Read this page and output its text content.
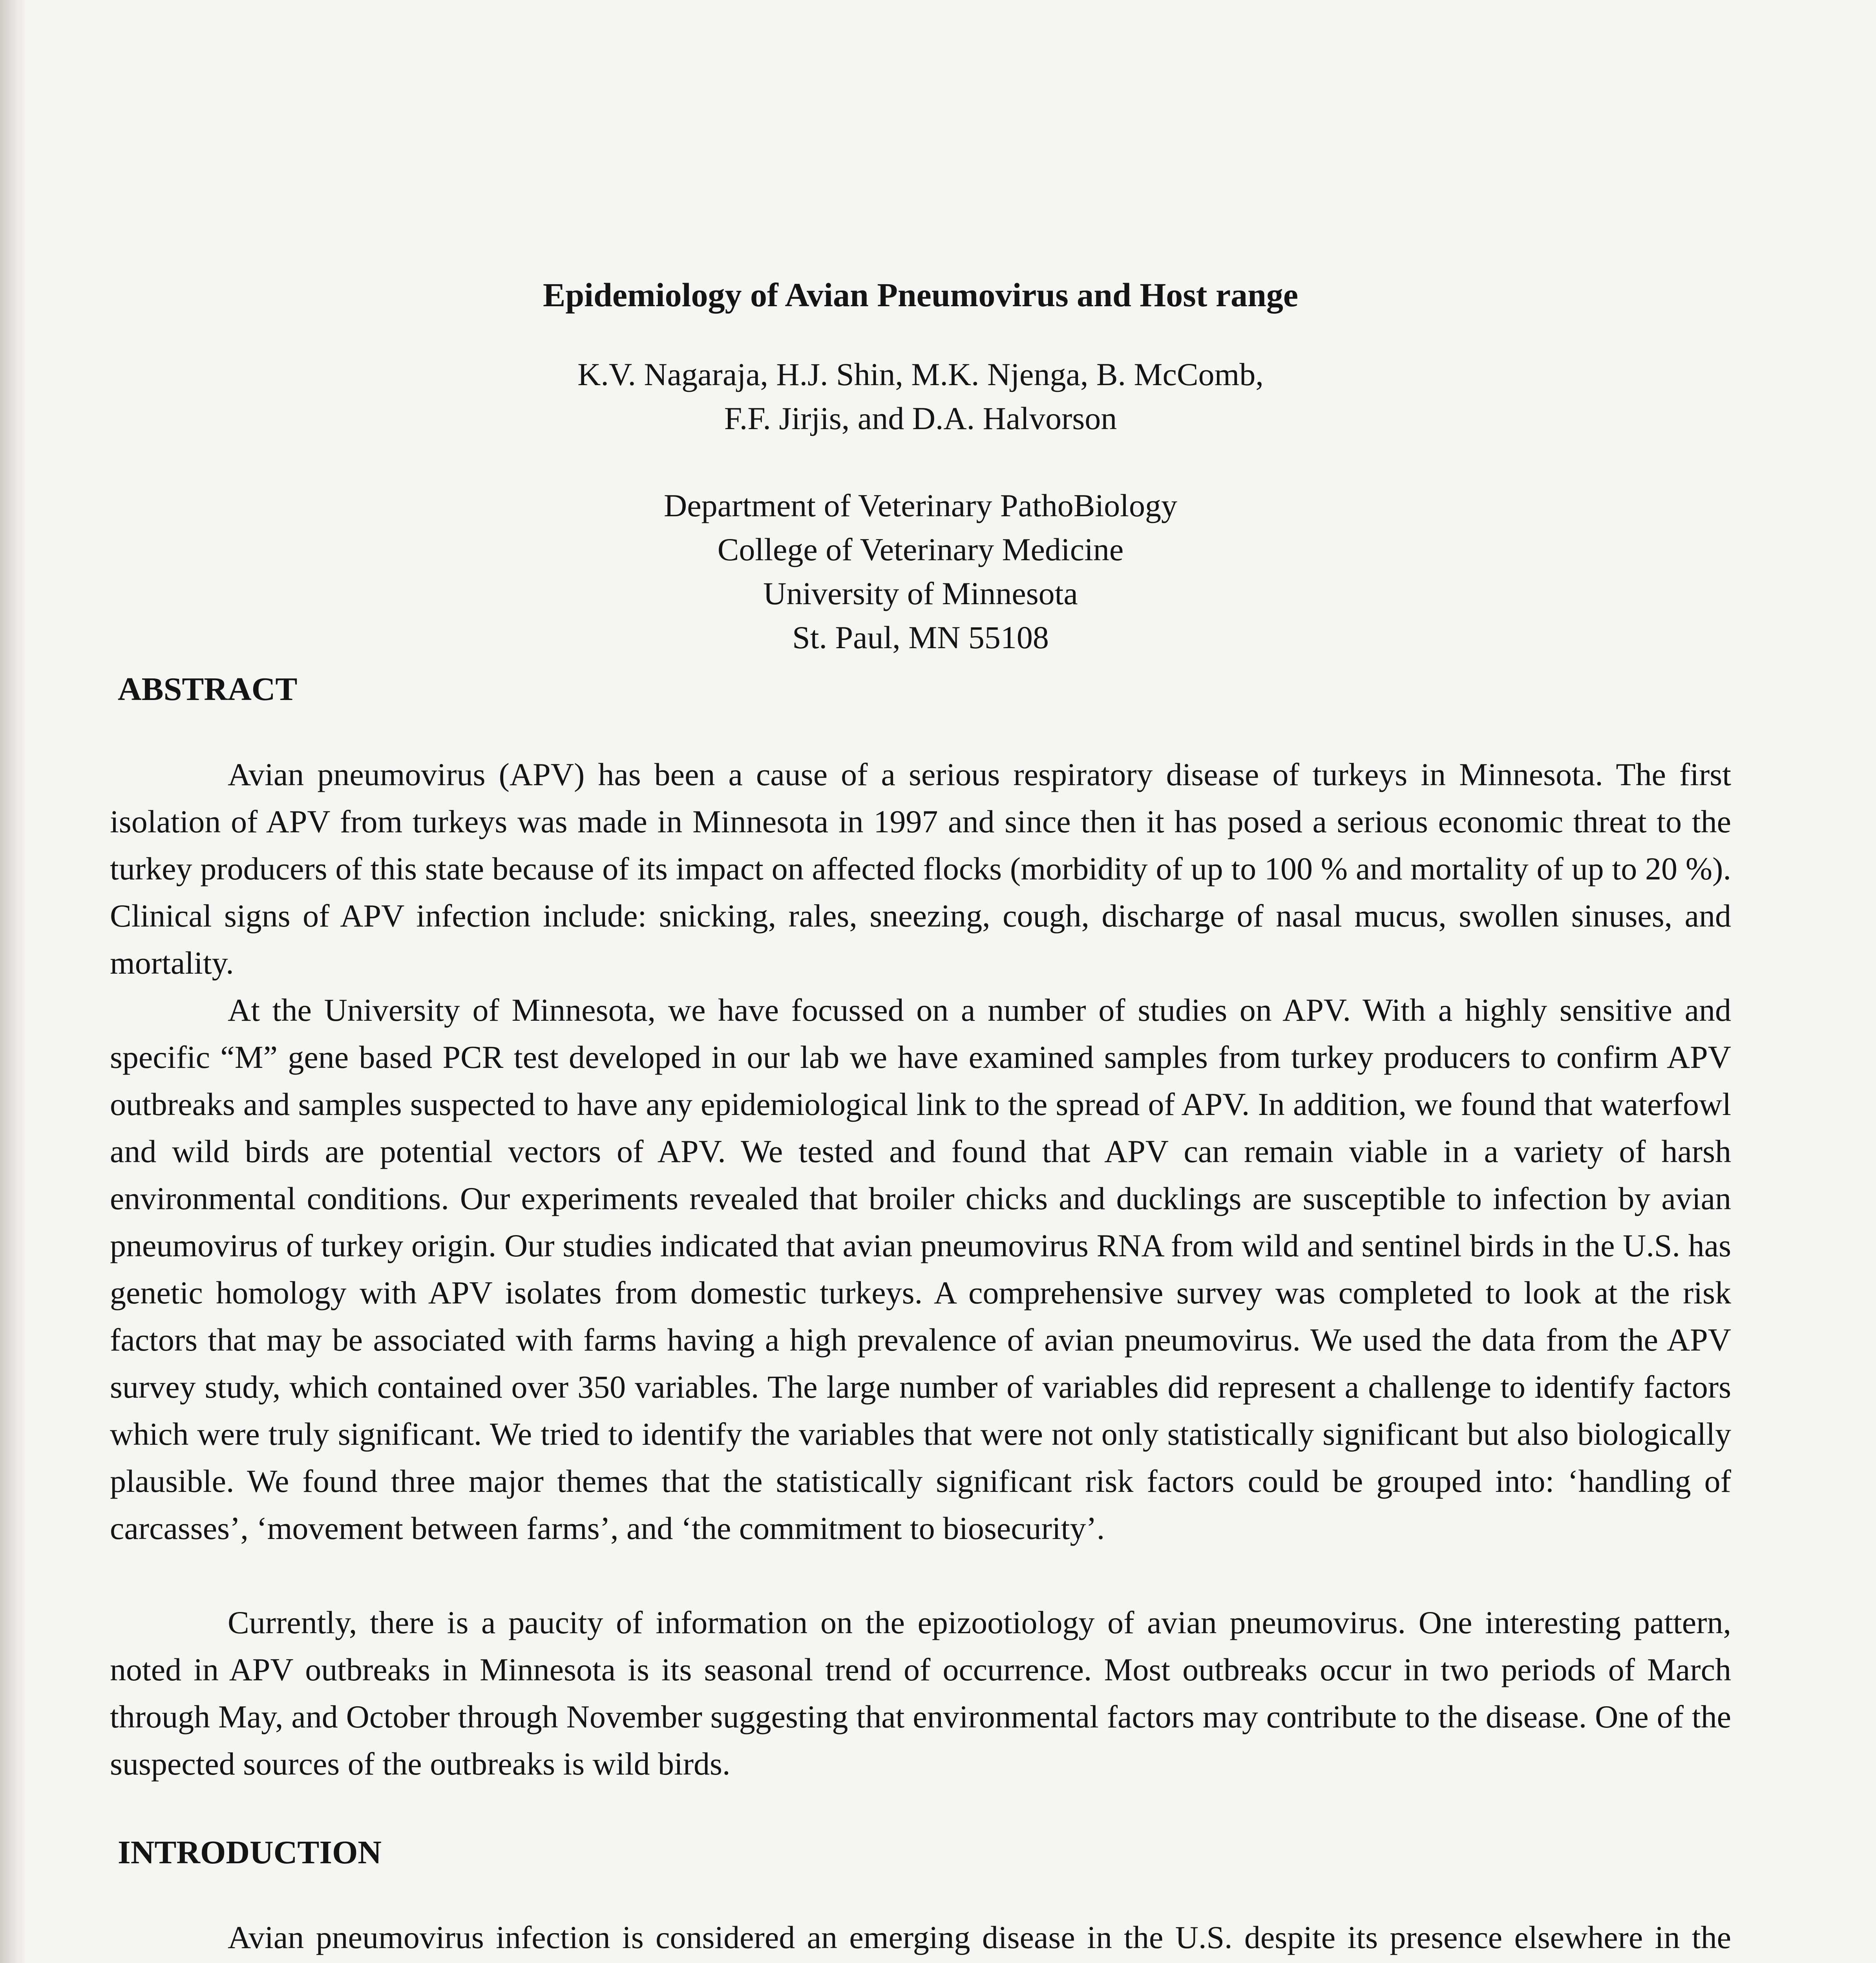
Epidemiology of Avian Pneumovirus and Host range
K.V. Nagaraja, H.J. Shin, M.K. Njenga, B. McComb,
F.F. Jirjis, and D.A. Halvorson
Department of Veterinary PathoBiology
College of Veterinary Medicine
University of Minnesota
St. Paul, MN 55108
ABSTRACT

Avian pneumovirus (APV) has been a cause of a serious respiratory disease of turkeys in Minnesota. The first isolation of APV from turkeys was made in Minnesota in 1997 and since then it has posed a serious economic threat to the turkey producers of this state because of its impact on affected flocks (morbidity of up to 100 % and mortality of up to 20 %). Clinical signs of APV infection include: snicking, rales, sneezing, cough, discharge of nasal mucus, swollen sinuses, and mortality.

At the University of Minnesota, we have focussed on a number of studies on APV. With a highly sensitive and specific “M” gene based PCR test developed in our lab we have examined samples from turkey producers to confirm APV outbreaks and samples suspected to have any epidemiological link to the spread of APV. In addition, we found that waterfowl and wild birds are potential vectors of APV. We tested and found that APV can remain viable in a variety of harsh environmental conditions. Our experiments revealed that broiler chicks and ducklings are susceptible to infection by avian pneumovirus of turkey origin. Our studies indicated that avian pneumovirus RNA from wild and sentinel birds in the U.S. has genetic homology with APV isolates from domestic turkeys. A comprehensive survey was completed to look at the risk factors that may be associated with farms having a high prevalence of avian pneumovirus. We used the data from the APV survey study, which contained over 350 variables. The large number of variables did represent a challenge to identify factors which were truly significant. We tried to identify the variables that were not only statistically significant but also biologically plausible. We found three major themes that the statistically significant risk factors could be grouped into: ‘handling of carcasses’, ‘movement between farms’, and ‘the commitment to biosecurity’.

Currently, there is a paucity of information on the epizootiology of avian pneumovirus. One interesting pattern, noted in APV outbreaks in Minnesota is its seasonal trend of occurrence. Most outbreaks occur in two periods of March through May, and October through November suggesting that environmental factors may contribute to the disease. One of the suspected sources of the outbreaks is wild birds.

INTRODUCTION

Avian pneumovirus infection is considered an emerging disease in the U.S. despite its presence elsewhere in the
